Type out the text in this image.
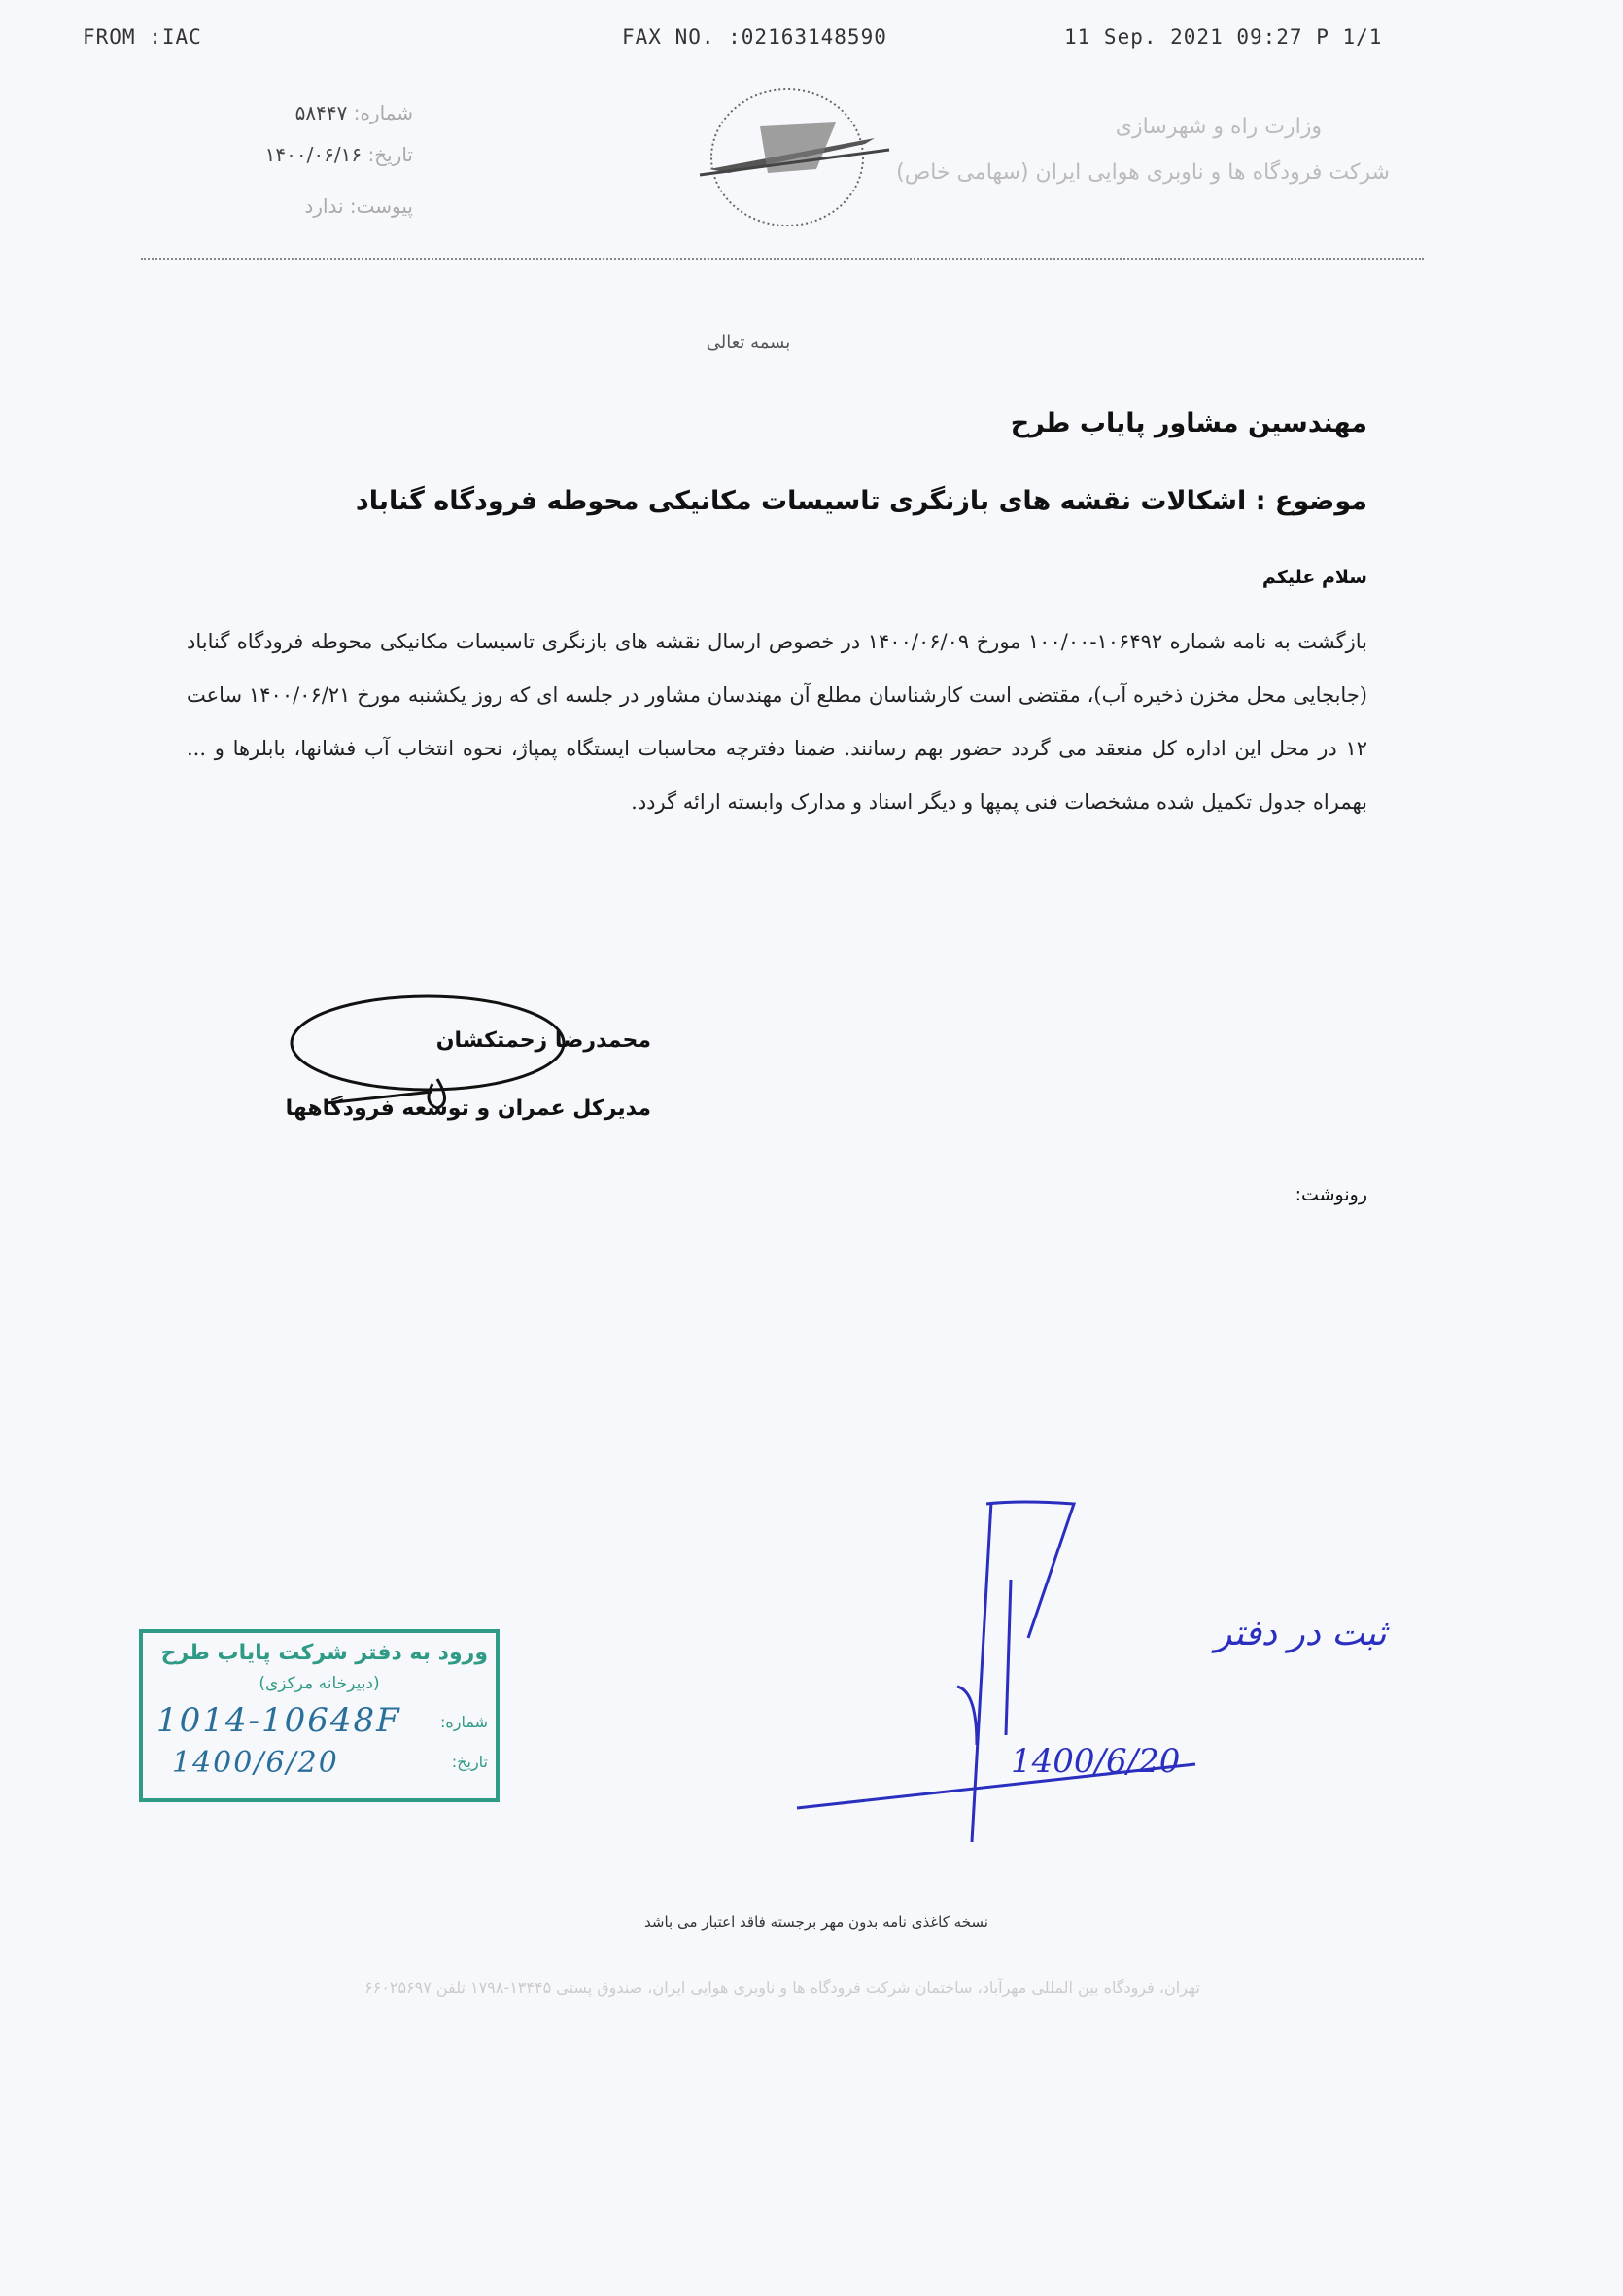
FROM :IAC	FAX NO. :02163148590	11 Sep. 2021 09:27 P 1/1
شماره: ۵۸۴۴۷
تاریخ: ۱۴۰۰/۰۶/۱۶
پیوست: ندارد
وزارت راه و شهرسازی
شرکت فرودگاه ها و ناوبری هوایی ایران (سهامی خاص)
بسمه تعالی
مهندسین مشاور پایاب طرح
موضوع : اشکالات نقشه های بازنگری تاسیسات مکانیکی محوطه فرودگاه گناباد
سلام علیکم
بازگشت به نامه شماره ۱۰۶۴۹۲-۱۰۰/۰۰ مورخ ۱۴۰۰/۰۶/۰۹ در خصوص ارسال نقشه های بازنگری تاسیسات مکانیکی محوطه فرودگاه گناباد (جابجایی محل مخزن ذخیره آب)، مقتضی است کارشناسان مطلع آن مهندسان مشاور در جلسه ای که روز یکشنبه مورخ ۱۴۰۰/۰۶/۲۱ ساعت ۱۲ در محل این اداره کل منعقد می گردد حضور بهم رسانند. ضمنا دفترچه محاسبات ایستگاه پمپاژ، نحوه انتخاب آب فشانها، بابلرها و ... بهمراه جدول تکمیل شده مشخصات فنی پمپها و دیگر اسناد و مدارک وابسته ارائه گردد.
محمدرضا زحمتکشان
مدیرکل عمران و توسعه فرودگاهها
رونوشت:
1400/6/20
ثبت در دفتر
ورود به دفتر شرکت پایاب طرح
(دبیرخانه مرکزی)
شماره:
1014-10648F
تاریخ:
1400/6/20
نسخه کاغذی نامه بدون مهر برجسته فاقد اعتبار می باشد
تهران، فرودگاه بین المللی مهرآباد، ساختمان شرکت فرودگاه ها و ناوبری هوایی ایران، صندوق پستی ۱۳۴۴۵-۱۷۹۸ تلفن ۶۶۰۲۵۶۹۷
